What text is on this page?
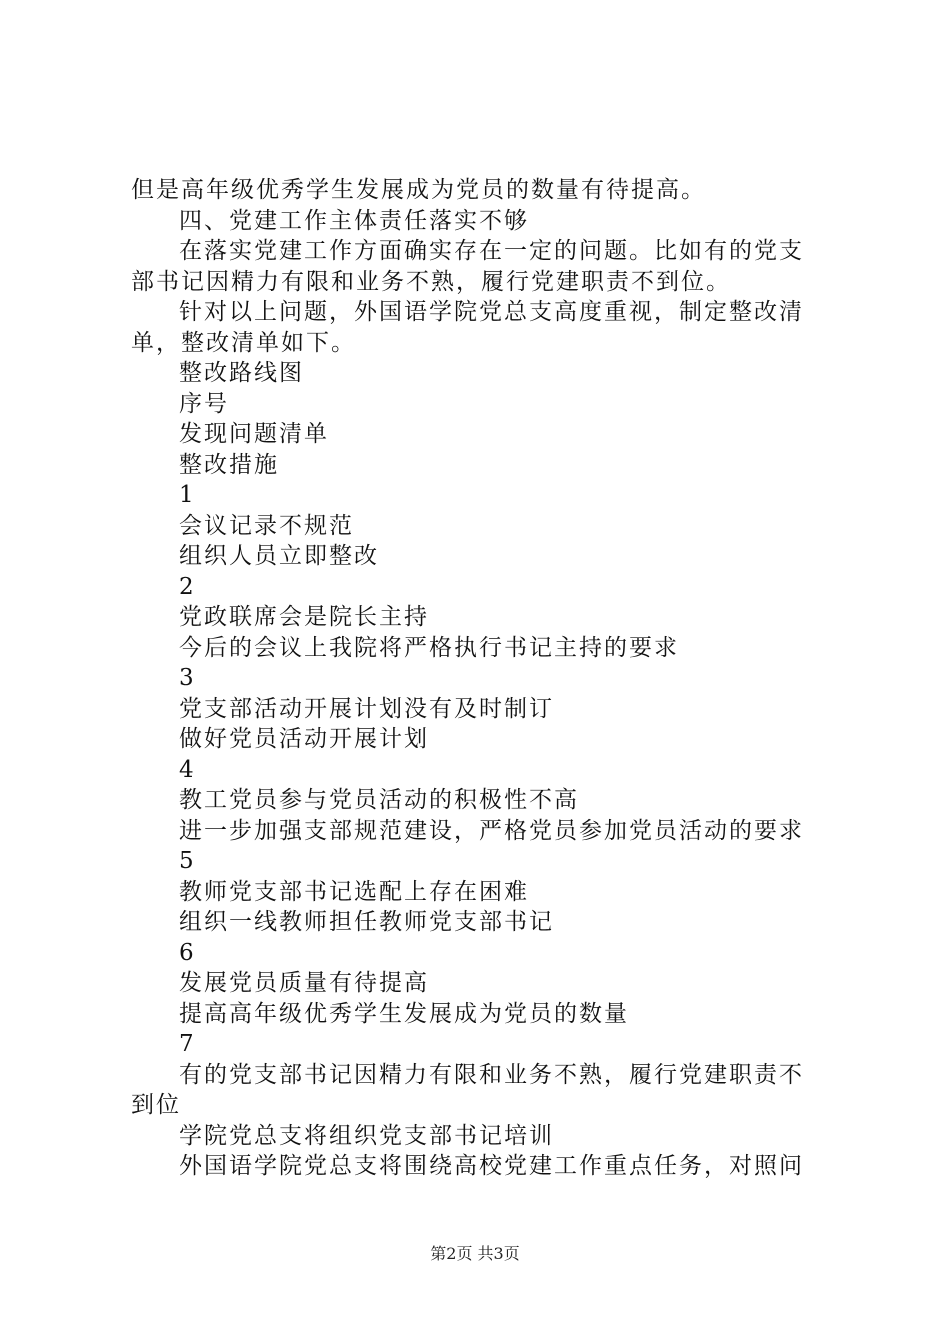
但是高年级优秀学生发展成为党员的数量有待提高。
四、党建工作主体责任落实不够
在落实党建工作方面确实存在一定的问题。比如有的党支
部书记因精力有限和业务不熟，履行党建职责不到位。
针对以上问题，外国语学院党总支高度重视，制定整改清
单，整改清单如下。
整改路线图
序号
发现问题清单
整改措施
1
会议记录不规范
组织人员立即整改
2
党政联席会是院长主持
今后的会议上我院将严格执行书记主持的要求
3
党支部活动开展计划没有及时制订
做好党员活动开展计划
4
教工党员参与党员活动的积极性不高
进一步加强支部规范建设，严格党员参加党员活动的要求
5
教师党支部书记选配上存在困难
组织一线教师担任教师党支部书记
6
发展党员质量有待提高
提高高年级优秀学生发展成为党员的数量
7
有的党支部书记因精力有限和业务不熟，履行党建职责不
到位
学院党总支将组织党支部书记培训
外国语学院党总支将围绕高校党建工作重点任务，对照问
第2页 共3页
